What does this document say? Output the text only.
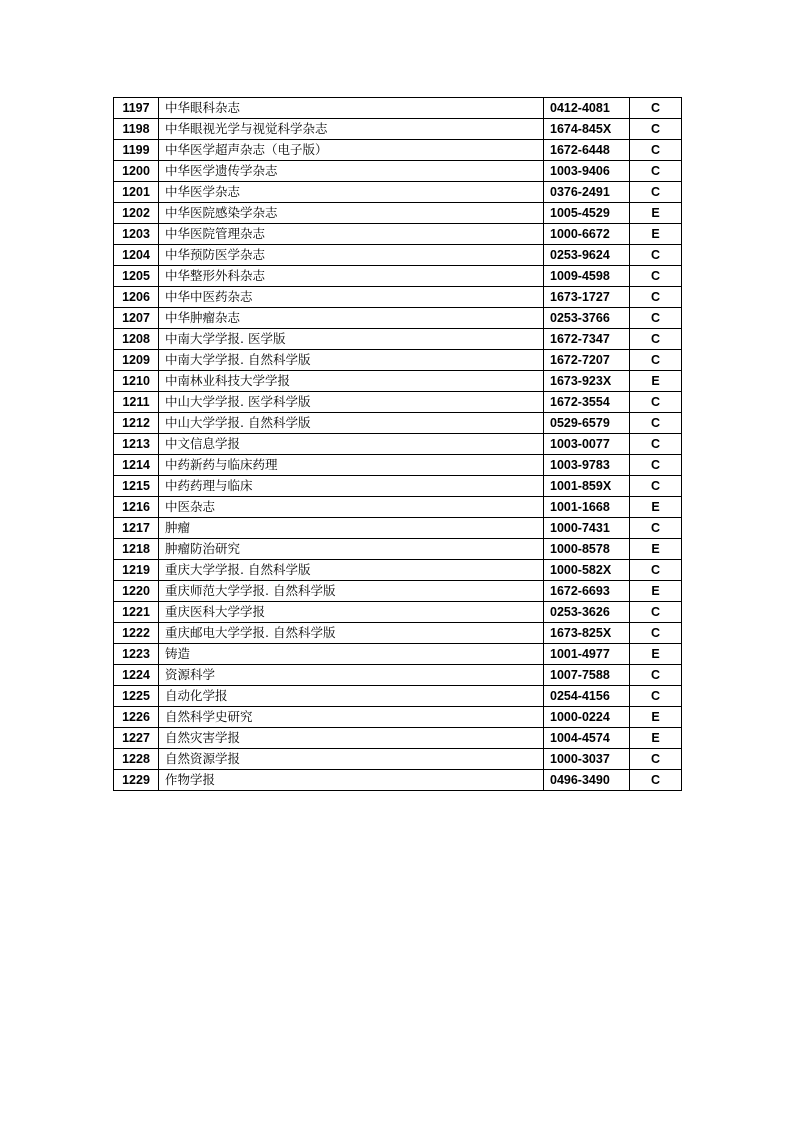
1197	中华眼科杂志	0412-4081	C
1198	中华眼视光学与视觉科学杂志	1674-845X	C
1199	中华医学超声杂志（电子版）	1672-6448	C
1200	中华医学遗传学杂志	1003-9406	C
1201	中华医学杂志	0376-2491	C
1202	中华医院感染学杂志	1005-4529	E
1203	中华医院管理杂志	1000-6672	E
1204	中华预防医学杂志	0253-9624	C
1205	中华整形外科杂志	1009-4598	C
1206	中华中医药杂志	1673-1727	C
1207	中华肿瘤杂志	0253-3766	C
1208	中南大学学报. 医学版	1672-7347	C
1209	中南大学学报. 自然科学版	1672-7207	C
1210	中南林业科技大学学报	1673-923X	E
1211	中山大学学报. 医学科学版	1672-3554	C
1212	中山大学学报. 自然科学版	0529-6579	C
1213	中文信息学报	1003-0077	C
1214	中药新药与临床药理	1003-9783	C
1215	中药药理与临床	1001-859X	C
1216	中医杂志	1001-1668	E
1217	肿瘤	1000-7431	C
1218	肿瘤防治研究	1000-8578	E
1219	重庆大学学报. 自然科学版	1000-582X	C
1220	重庆师范大学学报. 自然科学版	1672-6693	E
1221	重庆医科大学学报	0253-3626	C
1222	重庆邮电大学学报. 自然科学版	1673-825X	C
1223	铸造	1001-4977	E
1224	资源科学	1007-7588	C
1225	自动化学报	0254-4156	C
1226	自然科学史研究	1000-0224	E
1227	自然灾害学报	1004-4574	E
1228	自然资源学报	1000-3037	C
1229	作物学报	0496-3490	C
